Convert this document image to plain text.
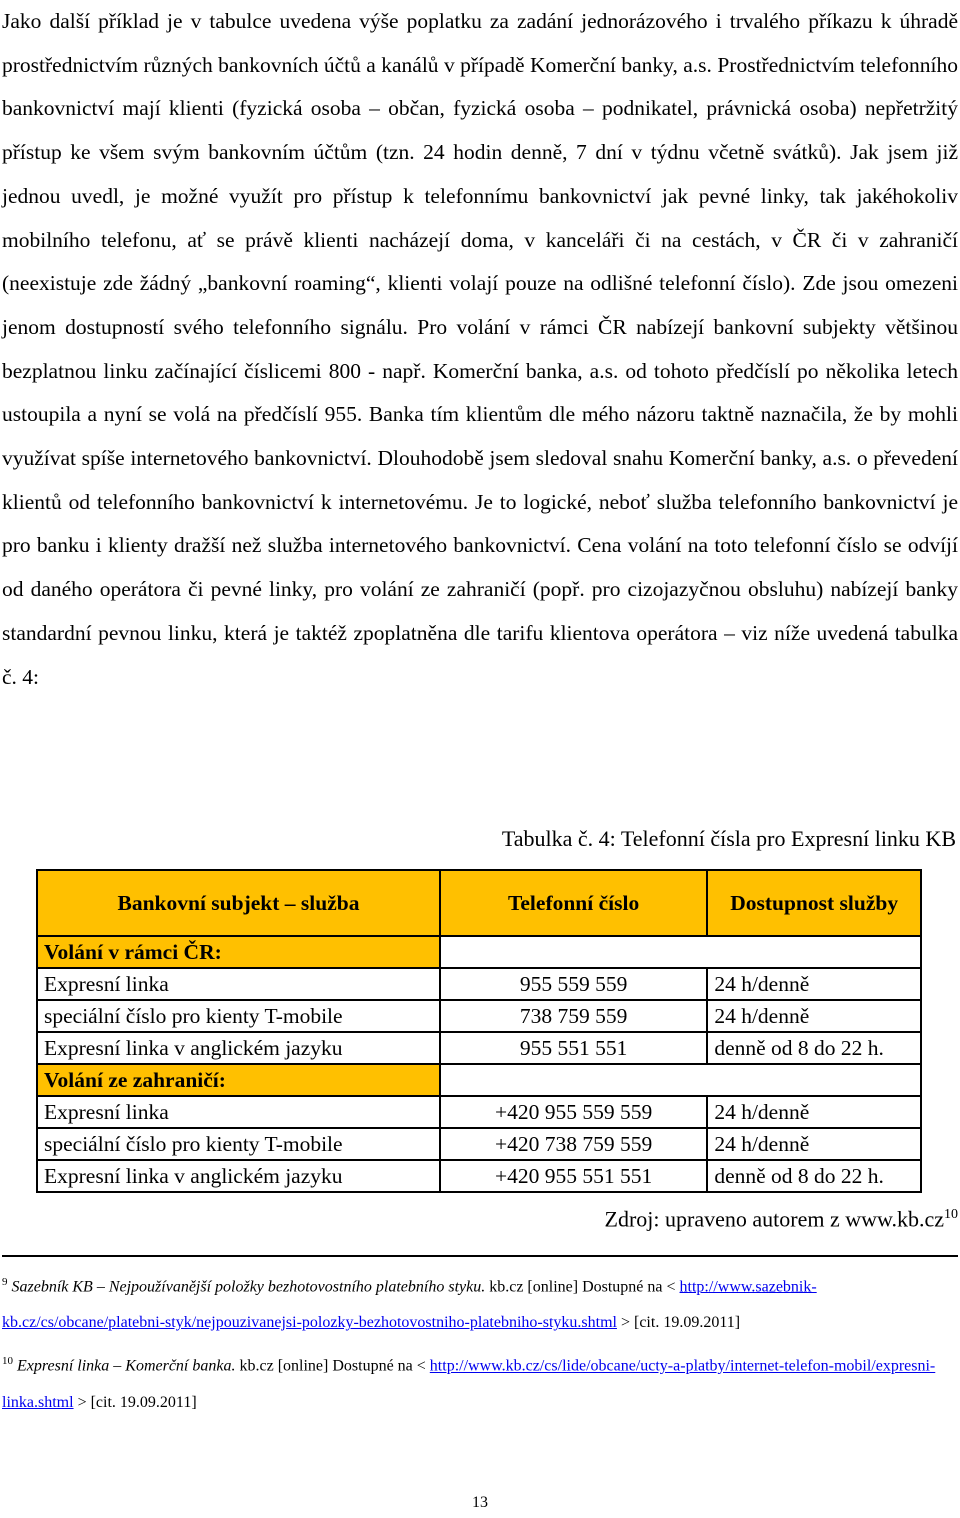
Jako další příklad je v tabulce uvedena výše poplatku za zadání jednorázového i trvalého příkazu k úhradě prostřednictvím různých bankovních účtů a kanálů v případě Komerční banky, a.s. Prostřednictvím telefonního bankovnictví mají klienti (fyzická osoba – občan, fyzická osoba – podnikatel, právnická osoba) nepřetržitý přístup ke všem svým bankovním účtům (tzn. 24 hodin denně, 7 dní v týdnu včetně svátků). Jak jsem již jednou uvedl, je možné využít pro přístup k telefonnímu bankovnictví jak pevné linky, tak jakéhokoliv mobilního telefonu, ať se právě klienti nacházejí doma, v kanceláři či na cestách, v ČR či v zahraničí (neexistuje zde žádný „bankovní roaming“, klienti volají pouze na odlišné telefonní číslo). Zde jsou omezeni jenom dostupností svého telefonního signálu. Pro volání v rámci ČR nabízejí bankovní subjekty většinou bezplatnou linku začínající číslicemi 800 - např. Komerční banka, a.s. od tohoto předčíslí po několika letech ustoupila a nyní se volá na předčíslí 955. Banka tím klientům dle mého názoru taktně naznačila, že by mohli využívat spíše internetového bankovnictví. Dlouhodobě jsem sledoval snahu Komerční banky, a.s. o převedení klientů od telefonního bankovnictví k internetovému. Je to logické, neboť služba telefonního bankovnictví je pro banku i klienty dražší než služba internetového bankovnictví. Cena volání na toto telefonní číslo se odvíjí od daného operátora či pevné linky, pro volání ze zahraničí (popř. pro cizojazyčnou obsluhu) nabízejí banky standardní pevnou linku, která je taktéž zpoplatněna dle tarifu klientova operátora – viz níže uvedená tabulka č. 4:

Tabulka č. 4: Telefonní čísla pro Expresní linku KB

Bankovní subjekt – služba	Telefonní číslo	Dostupnost služby
Volání v rámci ČR:		
Expresní linka	955 559 559	24 h/denně
speciální číslo pro kienty T-mobile	738 759 559	24 h/denně
Expresní linka v anglickém jazyku	955 551 551	denně od 8 do 22 h.
Volání ze zahraničí:		
Expresní linka	+420 955 559 559	24 h/denně
speciální číslo pro kienty T-mobile	+420 738 759 559	24 h/denně
Expresní linka v anglickém jazyku	+420 955 551 551	denně od 8 do 22 h.
Zdroj: upraveno autorem z $www.kb.cz^{10}$

$^9$ Sazebník KB – Nejpoužívanější položky bezhotovostního platebního styku. kb.cz [online] Dostupné na < http://www.sazebnik-kb.cz/cs/obcane/platebni-styk/nejpouzivanejsi-polozky-bezhotovostniho-platebniho-styku.shtml > [cit. 19.09.2011]

$^{10}$ Expresní linka – Komerční banka. kb.cz [online] Dostupné na < http://www.kb.cz/cs/lide/obcane/ucty-a-platby/internet-telefon-mobil/expresni-linka.shtml > [cit. 19.09.2011]

13
